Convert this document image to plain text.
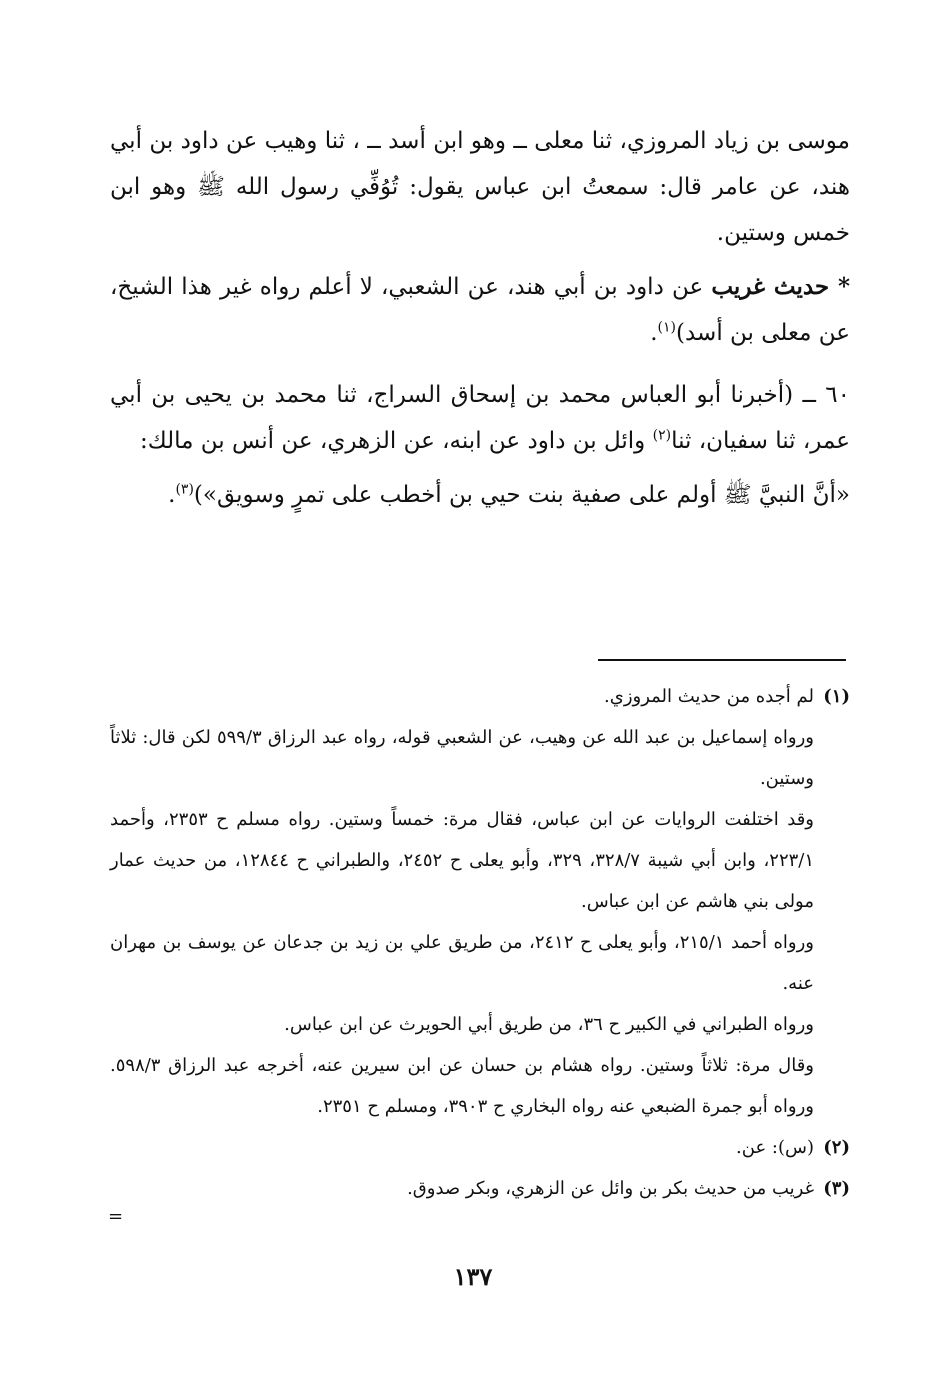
موسى بن زياد المروزي، ثنا معلى ــ وهو ابن أسد ــ ، ثنا وهيب عن داود بن أبي هند، عن عامر قال: سمعتُ ابن عباس يقول: تُوُفِّي رسول الله ﷺ وهو ابن خمس وستين.

* حديث غريب عن داود بن أبي هند، عن الشعبي، لا أعلم رواه غير هذا الشيخ، عن معلى بن أسد)$^{(١)}$.

٦٠ ــ (أخبرنا أبو العباس محمد بن إسحاق السراج، ثنا محمد بن يحيى بن أبي عمر، ثنا سفيان، ثنا$^{(٢)}$ وائل بن داود عن ابنه، عن الزهري، عن أنس بن مالك:

«أنَّ النبيَّ ﷺ أولم على صفية بنت حيي بن أخطب على تمرٍ وسويق»)$^{(٣)}$.

(١)

لم أجده من حديث المروزي.

ورواه إسماعيل بن عبد الله عن وهيب، عن الشعبي قوله، رواه عبد الرزاق ٥٩٩/٣ لكن قال: ثلاثاً وستين.

وقد اختلفت الروايات عن ابن عباس، فقال مرة: خمساً وستين. رواه مسلم ح ٢٣٥٣، وأحمد ٢٢٣/١، وابن أبي شيبة ٣٢٨/٧، ٣٢٩، وأبو يعلى ح ٢٤٥٢، والطبراني ح ١٢٨٤٤، من حديث عمار مولى بني هاشم عن ابن عباس.

ورواه أحمد ٢١٥/١، وأبو يعلى ح ٢٤١٢، من طريق علي بن زيد بن جدعان عن يوسف بن مهران عنه.

ورواه الطبراني في الكبير ح ٣٦، من طريق أبي الحويرث عن ابن عباس.

وقال مرة: ثلاثاً وستين. رواه هشام بن حسان عن ابن سيرين عنه، أخرجه عبد الرزاق ٥٩٨/٣. ورواه أبو جمرة الضبعي عنه رواه البخاري ح ٣٩٠٣، ومسلم ح ٢٣٥١.

(٢)

(س): عن.

(٣)

غريب من حديث بكر بن وائل عن الزهري، وبكر صدوق.

=
١٣٧
